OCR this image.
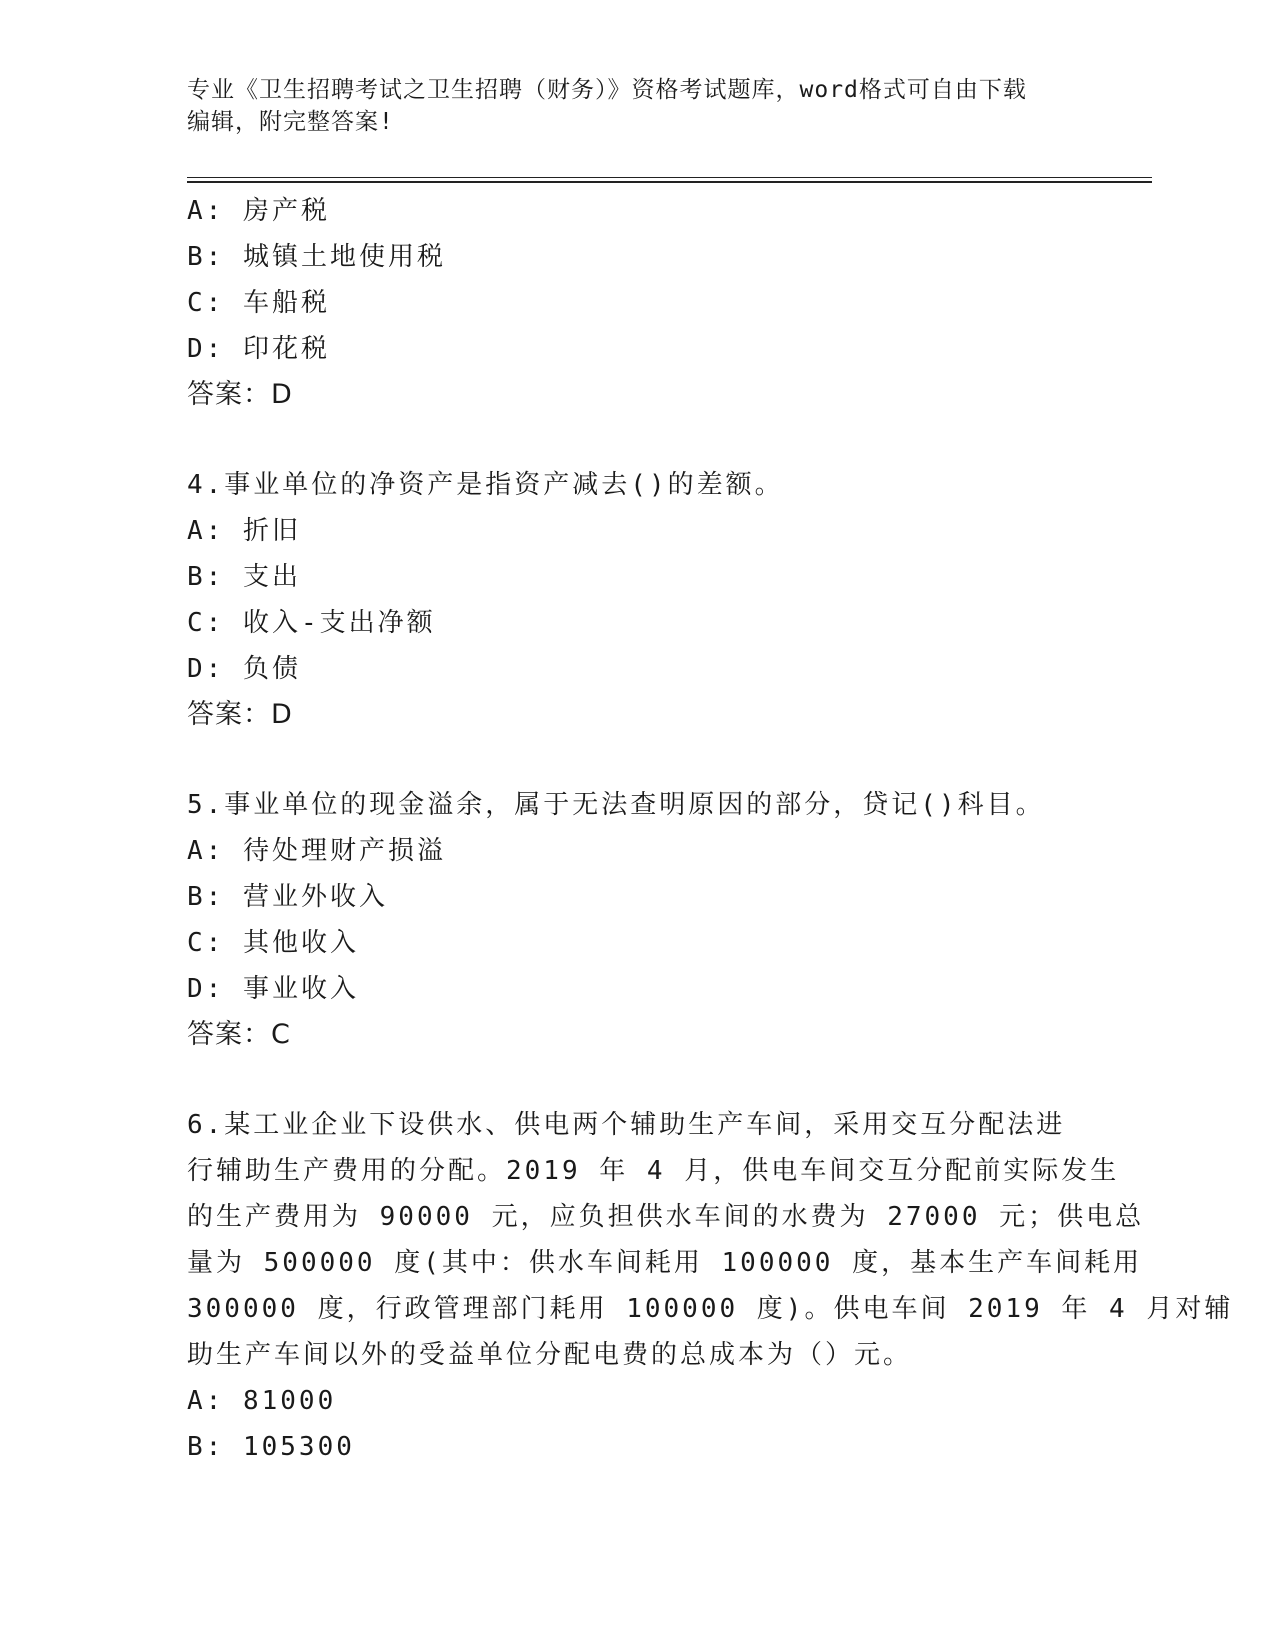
专业《卫生招聘考试之卫生招聘（财务）》资格考试题库，word格式可自由下载
编辑，附完整答案!
A: 房产税
B: 城镇土地使用税
C: 车船税
D: 印花税
答案：D
4.事业单位的净资产是指资产减去()的差额。
A: 折旧
B: 支出
C: 收入-支出净额
D: 负债
答案：D
5.事业单位的现金溢余，属于无法查明原因的部分，贷记()科目。
A: 待处理财产损溢
B: 营业外收入
C: 其他收入
D: 事业收入
答案：C
6.某工业企业下设供水、供电两个辅助生产车间，采用交互分配法进
行辅助生产费用的分配。2019 年 4 月，供电车间交互分配前实际发生
的生产费用为 90000 元，应负担供水车间的水费为 27000 元；供电总
量为 500000 度(其中：供水车间耗用 100000 度，基本生产车间耗用
300000 度，行政管理部门耗用 100000 度)。供电车间 2019 年 4 月对辅
助生产车间以外的受益单位分配电费的总成本为（）元。
A: 81000
B: 105300
